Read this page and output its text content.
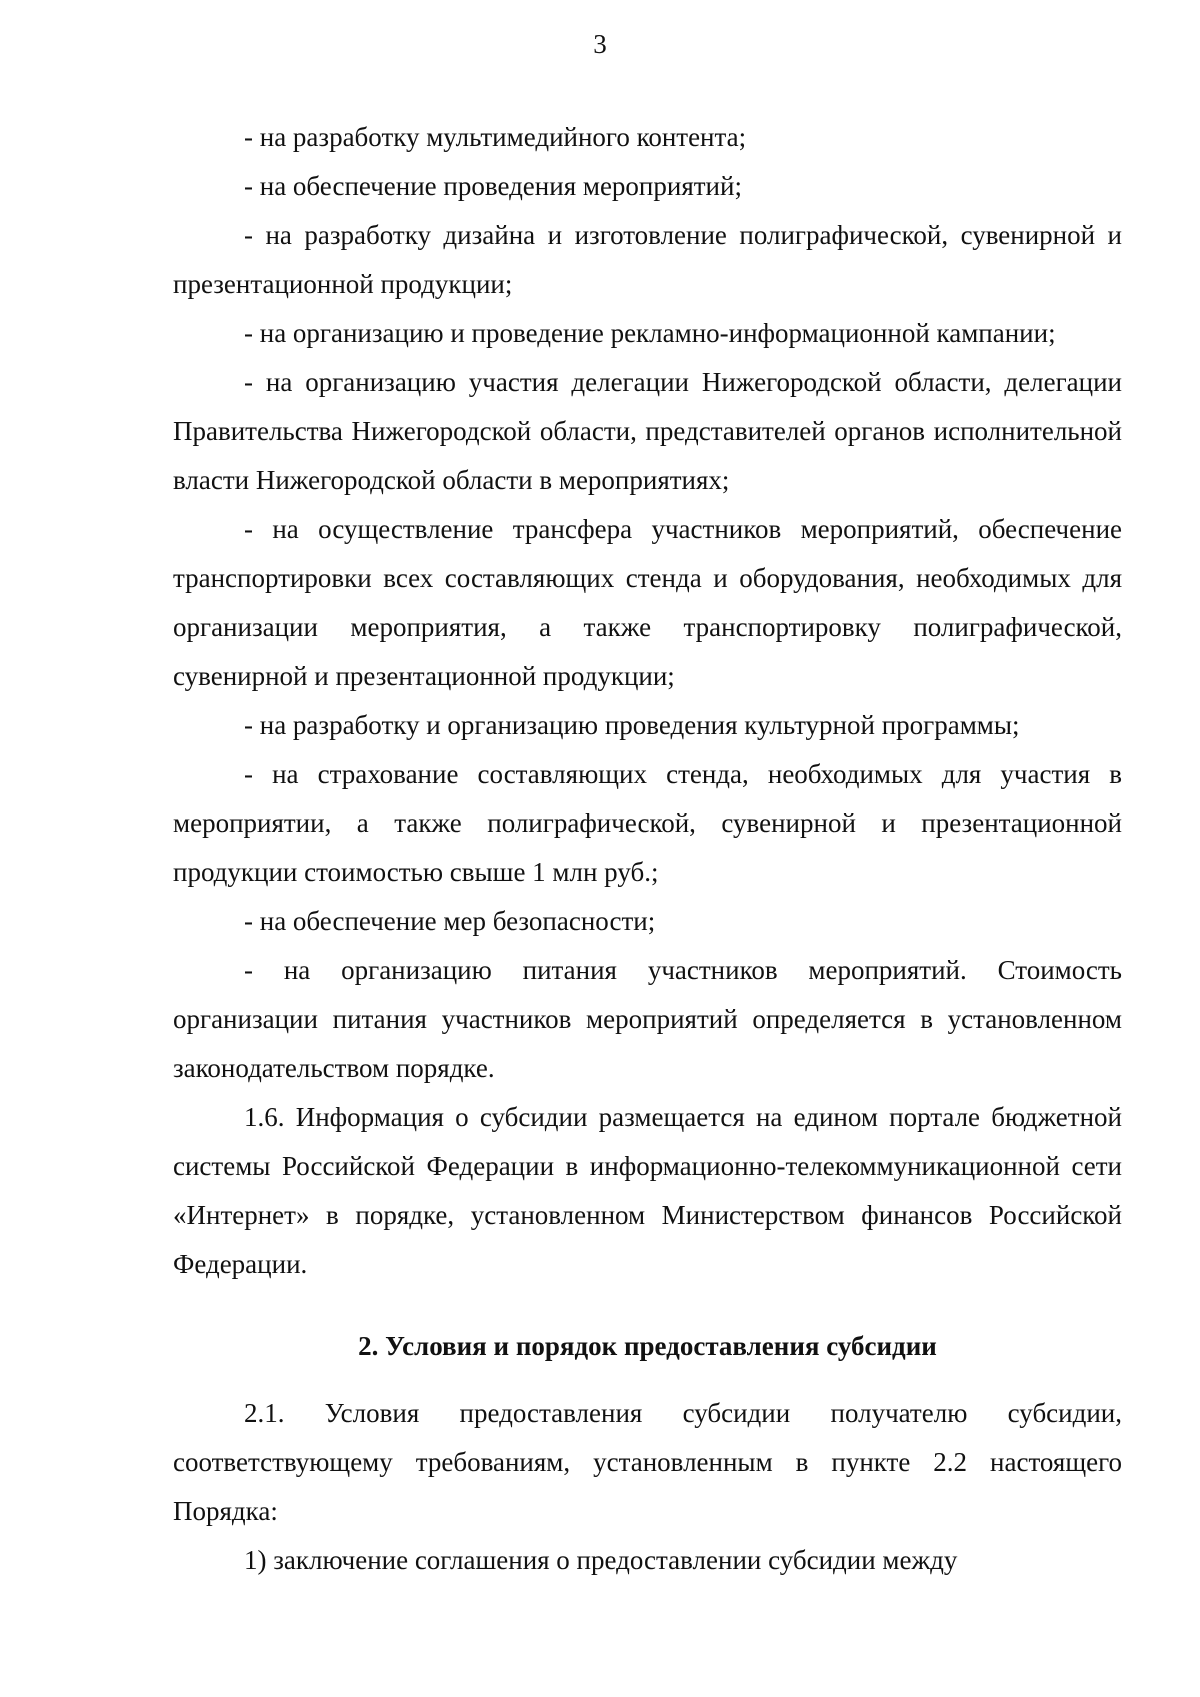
3

- на разработку мультимедийного контента;

- на обеспечение проведения мероприятий;

- на разработку дизайна и изготовление полиграфической, сувенирной и презентационной продукции;

- на организацию и проведение рекламно-информационной кампании;

- на организацию участия делегации Нижегородской области, делегации Правительства Нижегородской области, представителей органов исполнительной власти Нижегородской области в мероприятиях;

- на осуществление трансфера участников мероприятий, обеспечение транспортировки всех составляющих стенда и оборудования, необходимых для организации мероприятия, а также транспортировку полиграфической, сувенирной и презентационной продукции;

- на разработку и организацию проведения культурной программы;

- на страхование составляющих стенда, необходимых для участия в мероприятии, а также полиграфической, сувенирной и презентационной продукции стоимостью свыше 1 млн руб.;

- на обеспечение мер безопасности;

- на организацию питания участников мероприятий. Стоимость организации питания участников мероприятий определяется в установленном законодательством порядке.

1.6. Информация о субсидии размещается на едином портале бюджетной системы Российской Федерации в информационно-телекоммуникационной сети «Интернет» в порядке, установленном Министерством финансов Российской Федерации.

2. Условия и порядок предоставления субсидии

2.1. Условия предоставления субсидии получателю субсидии, соответствующему требованиям, установленным в пункте 2.2 настоящего Порядка:

1) заключение соглашения о предоставлении субсидии между
